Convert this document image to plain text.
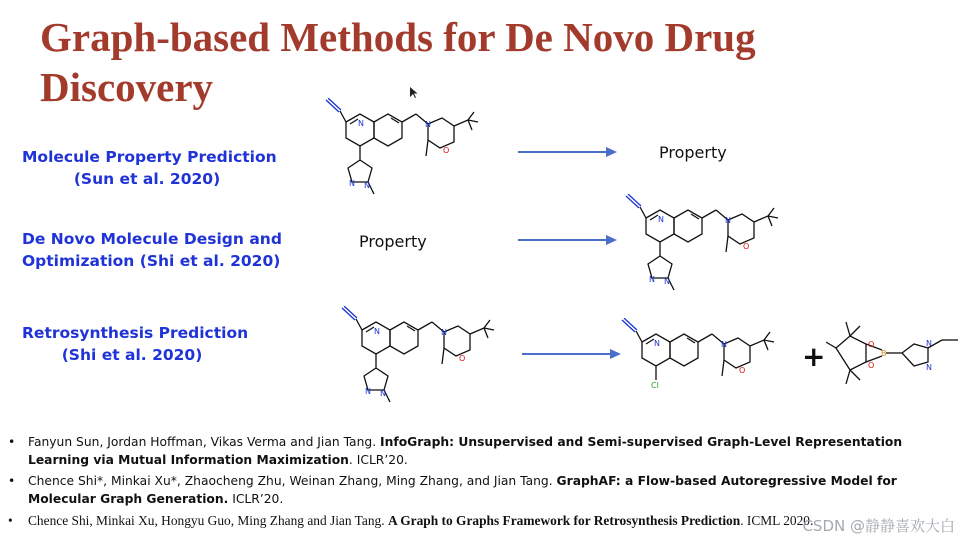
Graph-based Methods for De Novo Drug Discovery
Molecule Property Prediction
(Sun et al. 2020)
De Novo Molecule Design and
Optimization (Shi et al. 2020)
Retrosynthesis Prediction
(Shi et al. 2020)
Property
Property
+
N	N
O
N N
N	N
O
N N
N	N
O
N N
N	N
O
Cl
O
O
B
N
N
• Fanyun Sun, Jordan Hoffman, Vikas Verma and Jian Tang. InfoGraph: Unsupervised and Semi-supervised Graph-Level Representation Learning via Mutual Information Maximization. ICLR’20.
• Chence Shi*, Minkai Xu*, Zhaocheng Zhu, Weinan Zhang, Ming Zhang, and Jian Tang. GraphAF: a Flow-based Autoregressive Model for Molecular Graph Generation. ICLR’20.
• Chence Shi, Minkai Xu, Hongyu Guo, Ming Zhang and Jian Tang. A Graph to Graphs Framework for Retrosynthesis Prediction. ICML 2020.
CSDN @静静喜欢大白
